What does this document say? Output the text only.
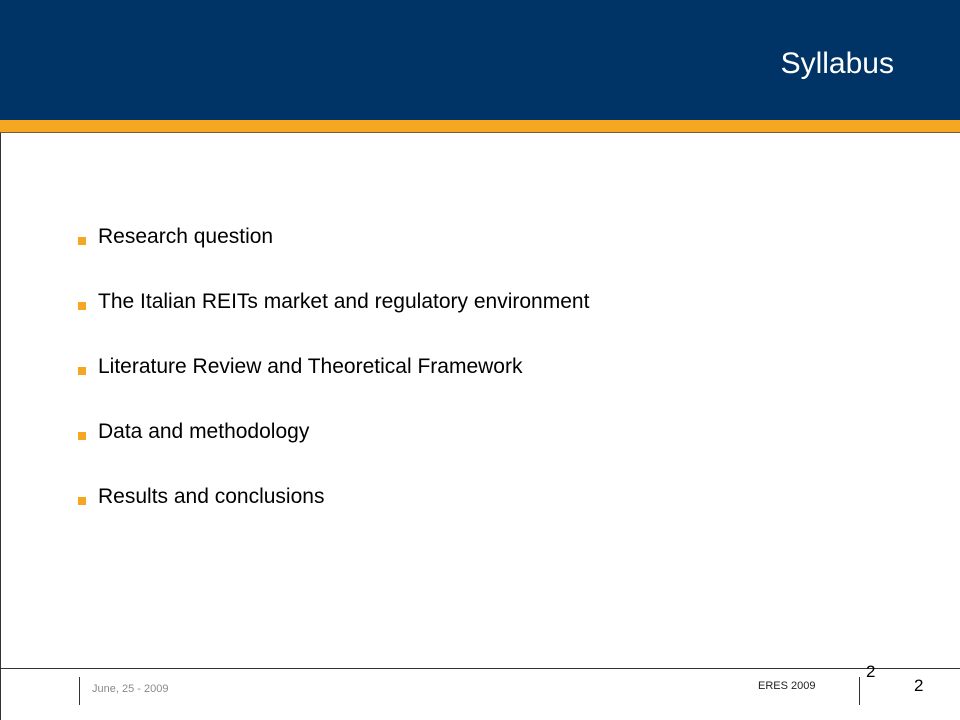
Syllabus
Research question
The Italian REITs market and regulatory environment
Literature Review and Theoretical Framework
Data and methodology
Results and conclusions
June, 25 - 2009	ERES 2009
2
2
